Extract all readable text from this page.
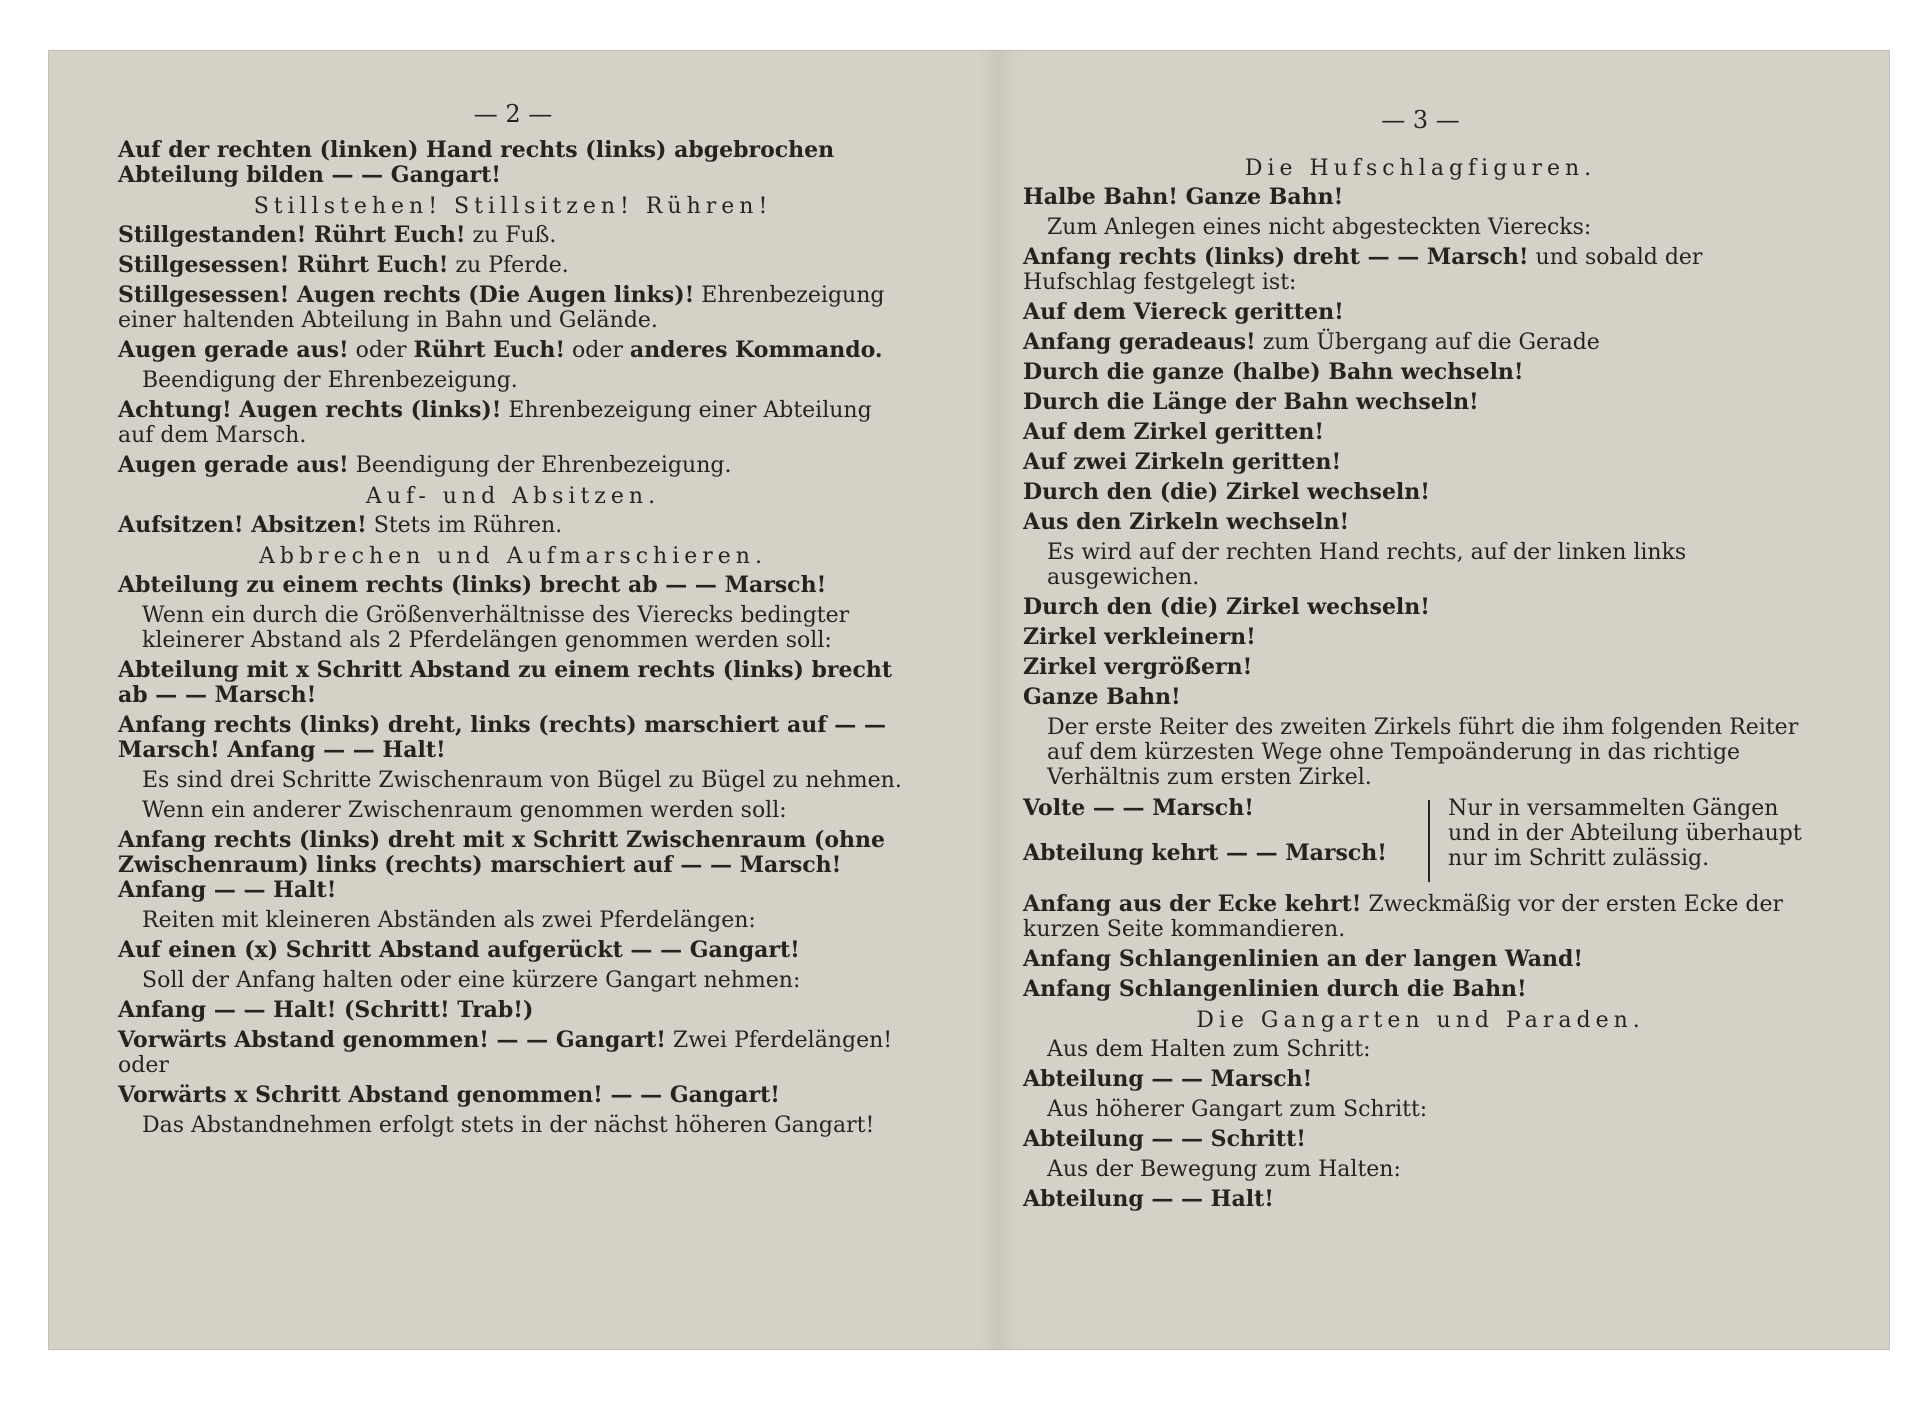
— 2 —
Auf der rechten (linken) Hand rechts (links) abgebrochen Abteilung bilden — — Gangart!
Stillstehen! Stillsitzen! Rühren!
Stillgestanden! Rührt Euch! zu Fuß.
Stillgesessen! Rührt Euch! zu Pferde.
Stillgesessen! Augen rechts (Die Augen links)! Ehrenbezeigung einer haltenden Abteilung in Bahn und Gelände.
Augen gerade aus! oder Rührt Euch! oder anderes Kommando.
Beendigung der Ehrenbezeigung.
Achtung! Augen rechts (links)! Ehrenbezeigung einer Abteilung auf dem Marsch.
Augen gerade aus! Beendigung der Ehrenbezeigung.
Auf- und Absitzen.
Aufsitzen! Absitzen! Stets im Rühren.
Abbrechen und Aufmarschieren.
Abteilung zu einem rechts (links) brecht ab — — Marsch!
Wenn ein durch die Größenverhältnisse des Vierecks bedingter kleinerer Abstand als 2 Pferdelängen genommen werden soll:
Abteilung mit x Schritt Abstand zu einem rechts (links) brecht ab — — Marsch!
Anfang rechts (links) dreht, links (rechts) marschiert auf — — Marsch! Anfang — — Halt!
Es sind drei Schritte Zwischenraum von Bügel zu Bügel zu nehmen.
Wenn ein anderer Zwischenraum genommen werden soll:
Anfang rechts (links) dreht mit x Schritt Zwischenraum (ohne Zwischenraum) links (rechts) marschiert auf — — Marsch! Anfang — — Halt!
Reiten mit kleineren Abständen als zwei Pferdelängen:
Auf einen (x) Schritt Abstand aufgerückt — — Gangart!
Soll der Anfang halten oder eine kürzere Gangart nehmen:
Anfang — — Halt! (Schritt! Trab!)
Vorwärts Abstand genommen! — — Gangart! Zwei Pferdelängen! oder
Vorwärts x Schritt Abstand genommen! — — Gangart!
Das Abstandnehmen erfolgt stets in der nächst höheren Gangart!
— 3 —
Die Hufschlagfiguren.
Halbe Bahn! Ganze Bahn!
Zum Anlegen eines nicht abgesteckten Vierecks:
Anfang rechts (links) dreht — — Marsch! und sobald der Hufschlag festgelegt ist:
Auf dem Viereck geritten!
Anfang geradeaus! zum Übergang auf die Gerade
Durch die ganze (halbe) Bahn wechseln!
Durch die Länge der Bahn wechseln!
Auf dem Zirkel geritten!
Auf zwei Zirkeln geritten!
Durch den (die) Zirkel wechseln!
Aus den Zirkeln wechseln!
Es wird auf der rechten Hand rechts, auf der linken links ausgewichen.
Durch den (die) Zirkel wechseln!
Zirkel verkleinern!
Zirkel vergrößern!
Ganze Bahn!
Der erste Reiter des zweiten Zirkels führt die ihm folgenden Reiter auf dem kürzesten Wege ohne Tempoänderung in das richtige Verhältnis zum ersten Zirkel.
Volte — — Marsch!
Abteilung kehrt — — Marsch!
Nur in versammelten Gängen und in der Abteilung überhaupt nur im Schritt zulässig.
Anfang aus der Ecke kehrt! Zweckmäßig vor der ersten Ecke der kurzen Seite kommandieren.
Anfang Schlangenlinien an der langen Wand!
Anfang Schlangenlinien durch die Bahn!
Die Gangarten und Paraden.
Aus dem Halten zum Schritt:
Abteilung — — Marsch!
Aus höherer Gangart zum Schritt:
Abteilung — — Schritt!
Aus der Bewegung zum Halten:
Abteilung — — Halt!
